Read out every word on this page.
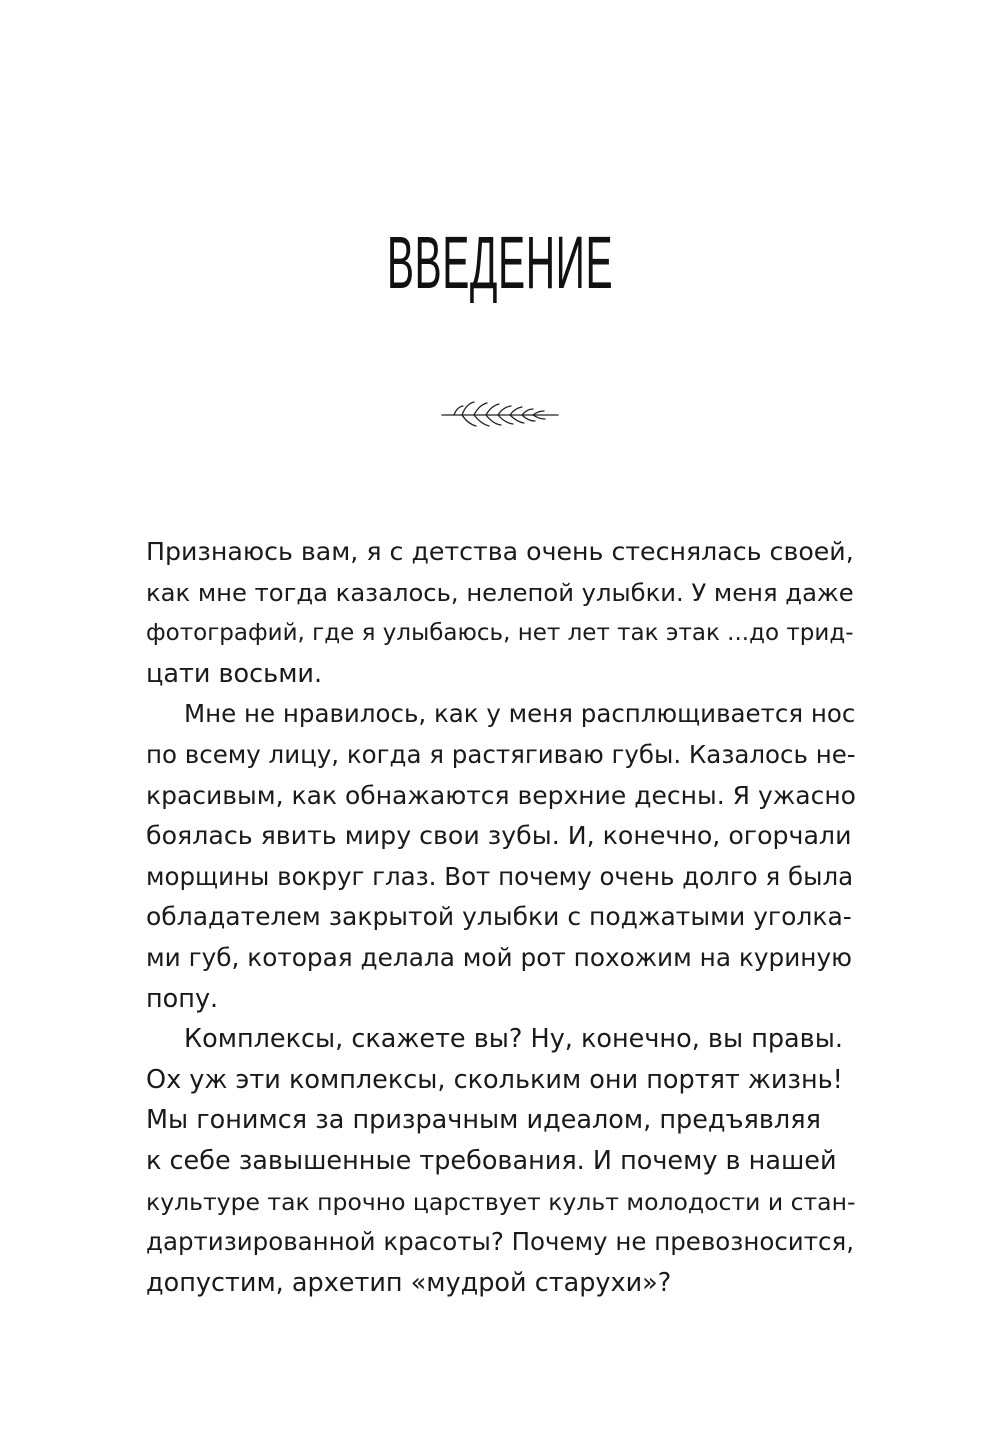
ВВЕДЕНИЕ

Признаюсь вам, я с детства очень стеснялась своей,
как мне тогда казалось, нелепой улыбки. У меня даже
фотографий, где я улыбаюсь, нет лет так этак ...до трид-
цати восьми.

Мне не нравилось, как у меня расплющивается нос
по всему лицу, когда я растягиваю губы. Казалось не-
красивым, как обнажаются верхние десны. Я ужасно
боялась явить миру свои зубы. И, конечно, огорчали
морщины вокруг глаз. Вот почему очень долго я была
обладателем закрытой улыбки с поджатыми уголка-
ми губ, которая делала мой рот похожим на куриную
попу.

Комплексы, скажете вы? Ну, конечно, вы правы.
Ох уж эти комплексы, скольким они портят жизнь!
Мы гонимся за призрачным идеалом, предъявляя
к себе завышенные требования. И почему в нашей
культуре так прочно царствует культ молодости и стан-
дартизированной красоты? Почему не превозносится,
допустим, архетип «мудрой старухи»?
